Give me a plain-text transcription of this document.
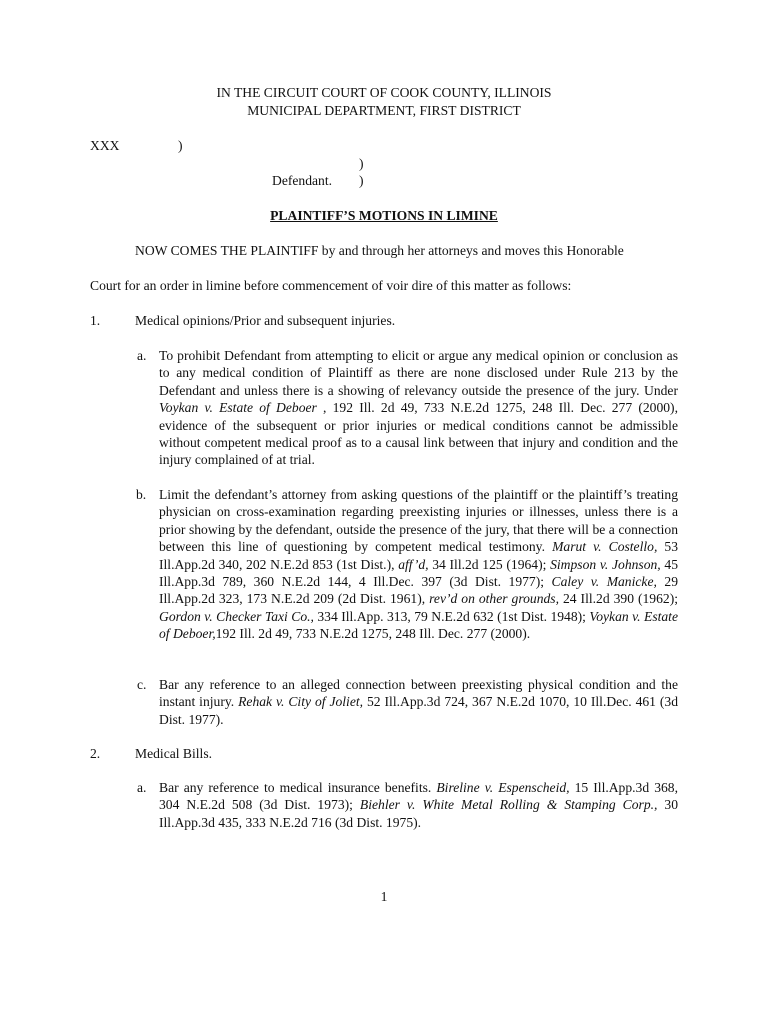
IN THE CIRCUIT COURT OF COOK COUNTY, ILLINOIS
MUNICIPAL DEPARTMENT, FIRST DISTRICT
XXX	)
)
Defendant. )
PLAINTIFF’S MOTIONS IN LIMINE
NOW COMES THE PLAINTIFF by and through her attorneys and moves this Honorable
Court for an order in limine before commencement of voir dire of this matter as follows:
1.	Medical opinions/Prior and subsequent injuries.
a. To prohibit Defendant from attempting to elicit or argue any medical opinion or conclusion as to any medical condition of Plaintiff as there are none disclosed under Rule 213 by the Defendant and unless there is a showing of relevancy outside the presence of the jury. Under Voykan v. Estate of Deboer , 192 Ill. 2d 49, 733 N.E.2d 1275, 248 Ill. Dec. 277 (2000), evidence of the subsequent or prior injuries or medical conditions cannot be admissible without competent medical proof as to a causal link between that injury and condition and the injury complained of at trial.
b. Limit the defendant’s attorney from asking questions of the plaintiff or the plaintiff’s treating physician on cross-examination regarding preexisting injuries or illnesses, unless there is a prior showing by the defendant, outside the presence of the jury, that there will be a connection between this line of questioning by competent medical testimony. Marut v. Costello, 53 Ill.App.2d 340, 202 N.E.2d 853 (1st Dist.), aff’d, 34 Ill.2d 125 (1964); Simpson v. Johnson, 45 Ill.App.3d 789, 360 N.E.2d 144, 4 Ill.Dec. 397 (3d Dist. 1977); Caley v. Manicke, 29 Ill.App.2d 323, 173 N.E.2d 209 (2d Dist. 1961), rev’d on other grounds, 24 Ill.2d 390 (1962); Gordon v. Checker Taxi Co., 334 Ill.App. 313, 79 N.E.2d 632 (1st Dist. 1948); Voykan v. Estate of Deboer,192 Ill. 2d 49, 733 N.E.2d 1275, 248 Ill. Dec. 277 (2000).
c. Bar any reference to an alleged connection between preexisting physical condition and the instant injury. Rehak v. City of Joliet, 52 Ill.App.3d 724, 367 N.E.2d 1070, 10 Ill.Dec. 461 (3d Dist. 1977).
2.	Medical Bills.
a. Bar any reference to medical insurance benefits. Bireline v. Espenscheid, 15 Ill.App.3d 368, 304 N.E.2d 508 (3d Dist. 1973); Biehler v. White Metal Rolling & Stamping Corp., 30 Ill.App.3d 435, 333 N.E.2d 716 (3d Dist. 1975).
1
